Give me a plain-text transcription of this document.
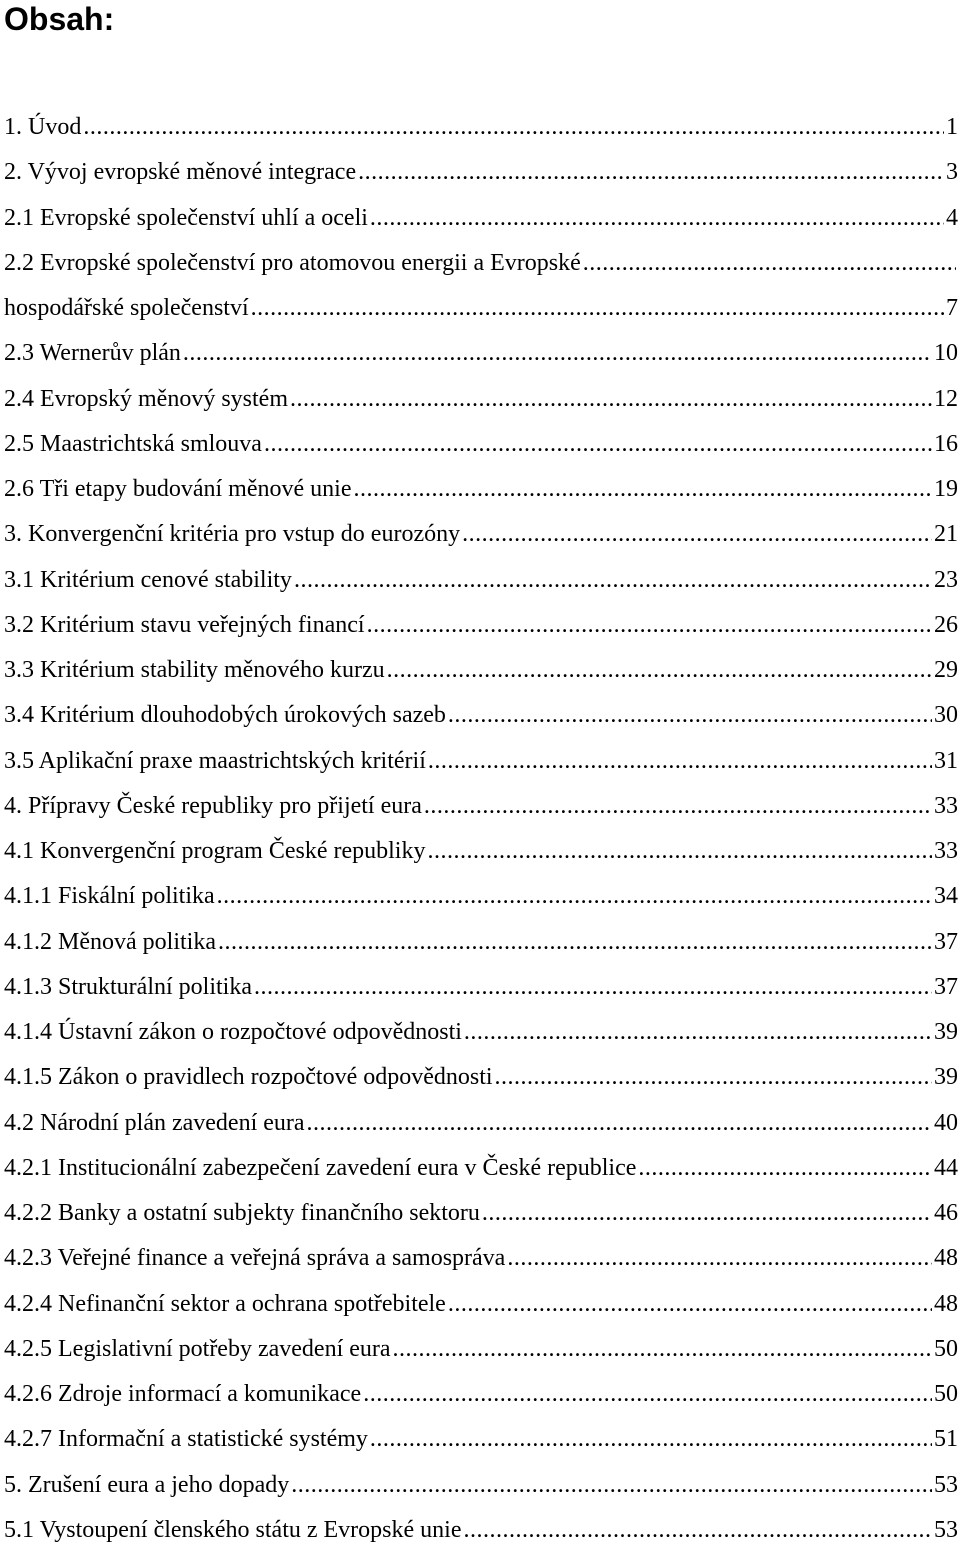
Obsah:
1. Úvod .....	1
2. Vývoj evropské měnové integrace .....	3
2.1 Evropské společenství uhlí a oceli .....	4
2.2 Evropské společenství pro atomovou energii a Evropské
.....
hospodářské společenství .....	7
2.3 Wernerův plán .....	10
2.4 Evropský měnový systém .....	12
2.5 Maastrichtská smlouva .....	16
2.6 Tři etapy budování měnové unie .....	19
3. Konvergenční kritéria pro vstup do eurozóny .....	21
3.1 Kritérium cenové stability .....	23
3.2 Kritérium stavu veřejných financí .....	26
3.3 Kritérium stability měnového kurzu .....	29
3.4 Kritérium dlouhodobých úrokových sazeb .....	30
3.5 Aplikační praxe maastrichtských kritérií .....	31
4. Přípravy České republiky pro přijetí eura .....	33
4.1 Konvergenční program České republiky .....	33
4.1.1 Fiskální politika .....	34
4.1.2 Měnová politika .....	37
4.1.3 Strukturální politika .....	37
4.1.4 Ústavní zákon o rozpočtové odpovědnosti .....	39
4.1.5 Zákon o pravidlech rozpočtové odpovědnosti .....	39
4.2 Národní plán zavedení eura .....	40
4.2.1 Institucionální zabezpečení zavedení eura v České republice .....	44
4.2.2 Banky a ostatní subjekty finančního sektoru .....	46
4.2.3 Veřejné finance a veřejná správa a samospráva .....	48
4.2.4 Nefinanční sektor a ochrana spotřebitele .....	48
4.2.5 Legislativní potřeby zavedení eura .....	50
4.2.6 Zdroje informací a komunikace .....	50
4.2.7 Informační a statistické systémy .....	51
5. Zrušení eura a jeho dopady .....	53
5.1 Vystoupení členského státu z Evropské unie .....	53
